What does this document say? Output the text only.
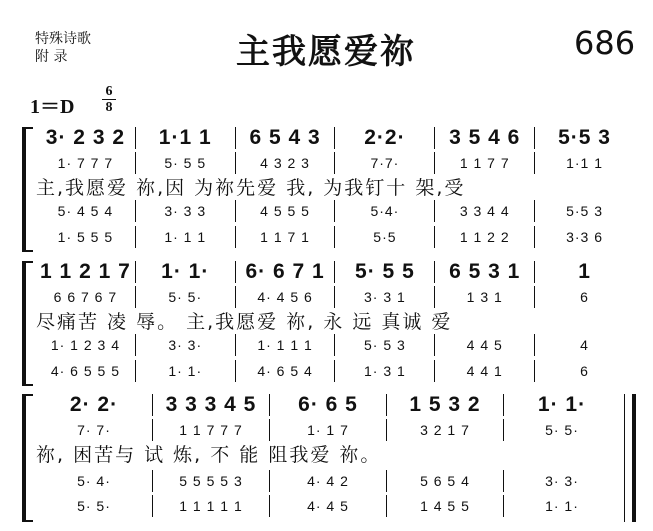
特殊诗歌
附 录	主我愿爱祢	686
1＝D
6
8
3· 2 3 2	1·1 1	6 5 4 3	2·2·	3 5 4 6	5·5 3
1· 7 7 7	5· 5 5	4 3 2 3	7·7·	1 1 7 7	1·1 1
主,我愿爱 祢,因 为祢先爱 我, 为我钉十 架,受
5· 4 5 4	3· 3 3	4 5 5 5	5·4·	3 3 4 4	5·5 3
1· 5 5 5	1· 1 1	1 1 7 1	5·5	1 1 2 2	3·3 6
1 1 2 1 7	1· 1·	6· 6 7 1	5· 5 5	6 5 3 1	1
6 6 7 6 7	5· 5·	4· 4 5 6	3· 3 1	1 3 1	6
尽痛苦 凌 辱。 主,我愿爱 祢, 永 远 真诚 爱
1· 1 2 3 4	3· 3·	1· 1 1 1	5· 5 3	4 4 5	4
4· 6 5 5 5	1· 1·	4· 6 5 4	1· 3 1	4 4 1	6
2· 2·	3 3 3 4 5	6· 6 5	1 5 3 2	1· 1·
7· 7·	1 1 7 7 7	1· 1 7	3 2 1 7	5· 5·
祢, 困苦与 试 炼, 不 能 阻我爱 祢。
5· 4·	5 5 5 5 3	4· 4 2	5 6 5 4	3· 3·
5· 5·	1 1 1 1 1	4· 4 5	1 4 5 5	1· 1·
